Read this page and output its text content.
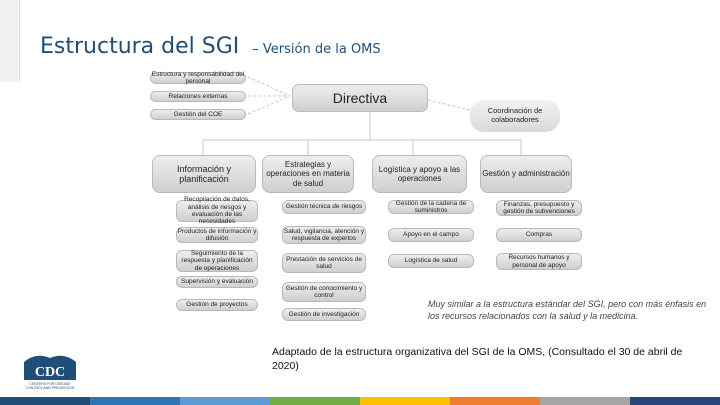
Estructura del SGI – Versión de la OMS
Estructura y responsabilidad del personal
Relaciones externas
Gestión del COE
Directiva
Coordinación de colaboradores
Información y planificación
Estrategias y operaciones en materia de salud
Logística y apoyo a las operaciones
Gestión y administración
Recopilación de datos, análisis de riesgos y evaluación de las necesidades
Productos de información y difusión
Seguimiento de la respuesta y planificación de operaciones
Supervisión y evaluación
Gestión de proyectos
Gestión técnica de riesgos
Salud, vigilancia, atención y respuesta de expertos
Prestación de servicios de salud
Gestión de conocimiento y control
Gestión de investigación
Gestión de la cadena de suministros
Apoyo en el campo
Logística de salud
Finanzas, presupuesto y gestión de subvenciones
Compras
Recursos humanos y personal de apoyo
Muy similar a la estructura estándar del SGI, pero con más énfasis en los recursos relacionados con la salud y la medicina.
Adaptado de la estructura organizativa del SGI de la OMS, (Consultado el 30 de abril de 2020)
CDC
CENTERS FOR DISEASE CONTROL AND PREVENTION
